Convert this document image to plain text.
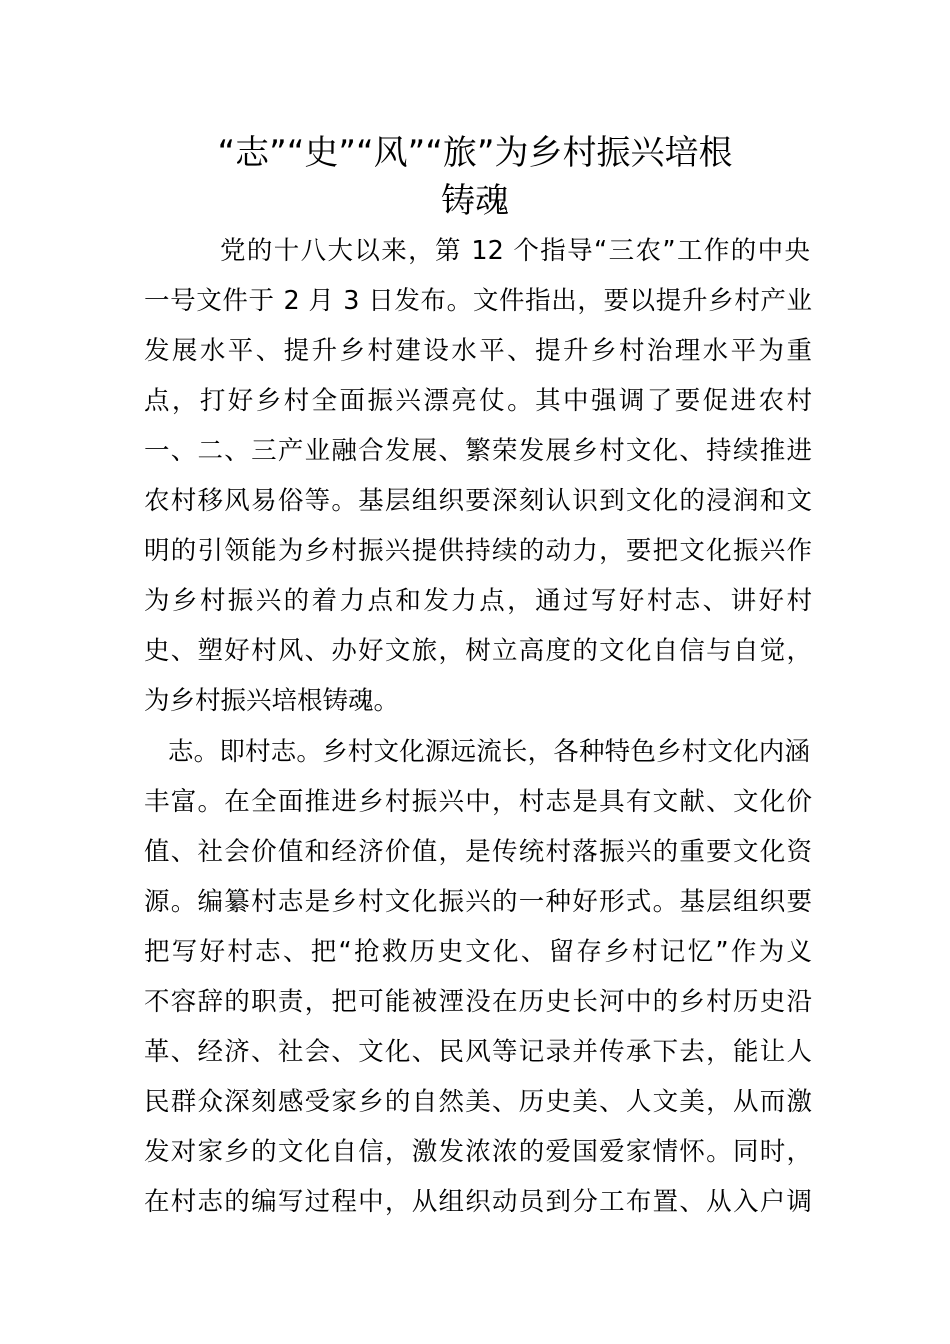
“志”“史”“风”“旅”为乡村振兴培根
铸魂
党的十八大以来，第 12 个指导“三农”工作的中央
一号文件于 2 月 3 日发布。文件指出，要以提升乡村产业
发展水平、提升乡村建设水平、提升乡村治理水平为重
点，打好乡村全面振兴漂亮仗。其中强调了要促进农村
一、二、三产业融合发展、繁荣发展乡村文化、持续推进
农村移风易俗等。基层组织要深刻认识到文化的浸润和文
明的引领能为乡村振兴提供持续的动力，要把文化振兴作
为乡村振兴的着力点和发力点，通过写好村志、讲好村
史、塑好村风、办好文旅，树立高度的文化自信与自觉，
为乡村振兴培根铸魂。
志。即村志。乡村文化源远流长，各种特色乡村文化内涵
丰富。在全面推进乡村振兴中，村志是具有文献、文化价
值、社会价值和经济价值，是传统村落振兴的重要文化资
源。编纂村志是乡村文化振兴的一种好形式。基层组织要
把写好村志、把“抢救历史文化、留存乡村记忆”作为义
不容辞的职责，把可能被湮没在历史长河中的乡村历史沿
革、经济、社会、文化、民风等记录并传承下去，能让人
民群众深刻感受家乡的自然美、历史美、人文美，从而激
发对家乡的文化自信，激发浓浓的爱国爱家情怀。同时，
在村志的编写过程中，从组织动员到分工布置、从入户调
